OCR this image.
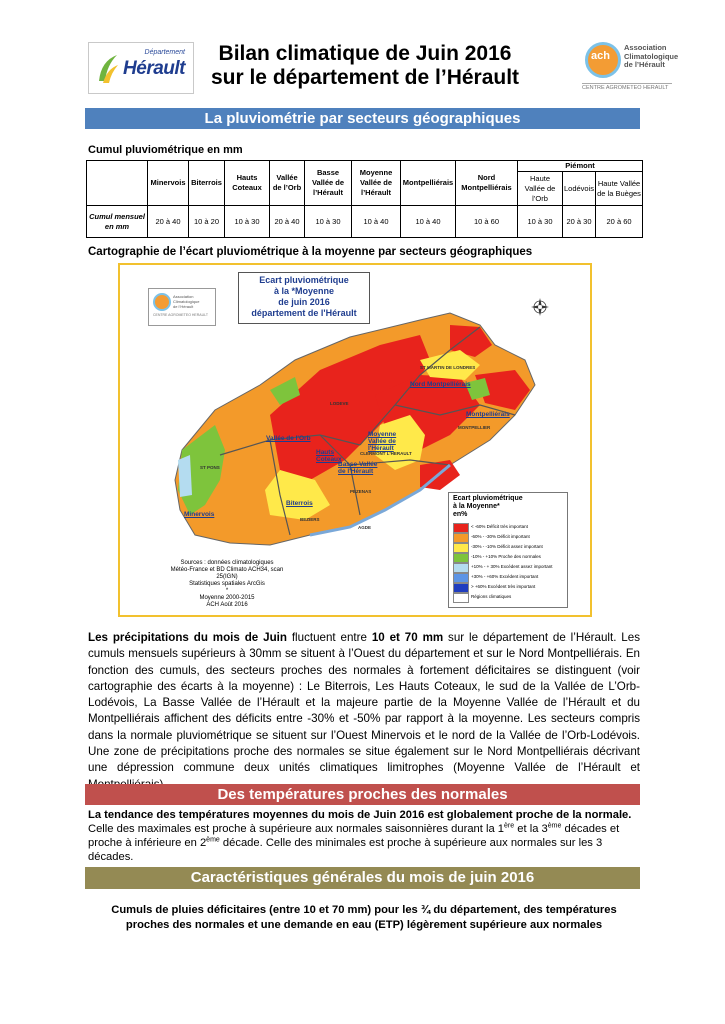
Département
Hérault
Bilan climatique de Juin 2016
sur le département de l’Hérault
ach
Association
Climatologique
de l’Hérault
CENTRE AGROMETEO HERAULT
La pluviométrie par secteurs géographiques
Cumul pluviométrique en mm
	Minervois	Biterrois	Hauts Coteaux	Vallée de l’Orb	Basse Vallée de l’Hérault	Moyenne Vallée de l’Hérault	Montpelliérais	Nord Montpelliérais	Piémont		
									Haute Vallée de l’Orb	Lodévois	Haute Vallée de la Buèges
Cumul mensuel en mm	20 à 40	10 à 20	10 à 30	20 à 40	10 à 30	10 à 40	10 à 40	10 à 60	10 à 30	20 à 30	20 à 60
Cartographie de l’écart pluviométrique à la moyenne par secteurs géographiques
Nord Montpelliérais
Montpelliérais
Vallée de l'Orb
Moyenne Vallée de l'Hérault
Hauts Coteaux
Basse Vallée de l'Hérault
Biterrois
Minervois
ST MARTIN DE LONDRES
MONTPELLIER
LODEVE
CLERMONT L'HERAULT
PEZENAS
BEZIERS
AGDE
ST PONS
Ecart pluviométrique
à la *Moyenne
de juin 2016
département de l'Hérault
Association
Climatologique
de l’Hérault
CENTRE AGROMETEO HERAULT
Sources : données climatologiques
Météo-France et BD Climato ACH34, scan 25(IGN)
Statistiques spatiales ArcGis
*
Moyenne 2000-2015
ACH Août 2016
Ecart pluviométrique
à la Moyenne*
en%
< -60% Déficit très important
-60% - -30% Déficit important
-30% - -10% Déficit assez important
-10% - +10% Proche des normales
+10% - + 30% Excédent assez important
+30% - +60% Excédent important
> +60% Excédent très important
Régions climatiques
Les précipitations du mois de Juin fluctuent entre 10 et 70 mm sur le département de l’Hérault. Les cumuls mensuels supérieurs à 30mm se situent à l’Ouest du département et sur le Nord Montpelliérais. En fonction des cumuls, des secteurs proches des normales à fortement déficitaires se distinguent (voir cartographie des écarts à la moyenne) : Le Biterrois, Les Hauts Coteaux, le sud de la Vallée de L’Orb-Lodévois, La Basse Vallée de l’Hérault et la majeure partie de la Moyenne Vallée de l’Hérault et du Montpelliérais affichent des déficits entre -30% et -50% par rapport à la moyenne. Les secteurs compris dans la normale pluviométrique se situent sur l’Ouest Minervois et le nord de la Vallée de l’Orb-Lodévois. Une zone de précipitations proche des normales se situe également sur le Nord Montpelliérais décrivant une dépression commune deux unités climatiques limitrophes (Moyenne Vallée de l’Hérault et
Des températures proches des normales
La tendance des températures moyennes du mois de Juin 2016 est globalement proche de la normale. Celle des maximales est proche à supérieure aux normales saisonnières durant la 1ère et la 3ème décades et proche à inférieure en 2ème décade. Celle des minimales est proche à supérieure aux normales sur les 3 décades.
Caractéristiques générales du mois de juin 2016
Cumuls de pluies déficitaires (entre 10 et 70 mm) pour les ¾ du département, des températures proches des normales et une demande en eau (ETP) légèrement supérieure aux normales
